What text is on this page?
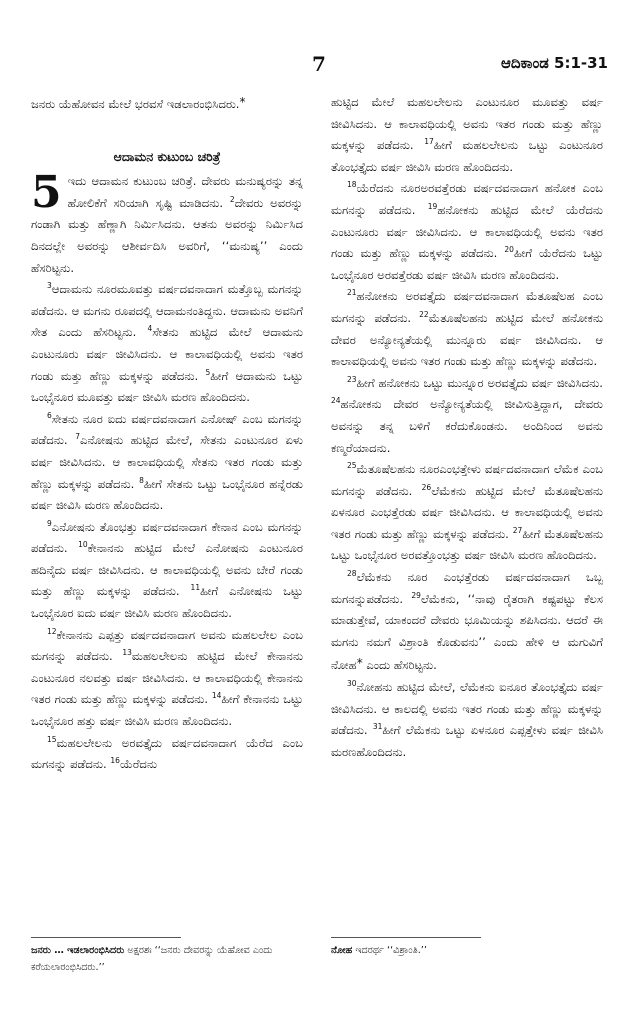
7	ಆದಿಕಾಂಡ 5:1-31

ಜನರು ಯೆಹೋವನ ಮೇಲೆ ಭರವಸೆ ಇಡಲಾರಂಭಿಸಿದರು.*

ಆದಾಮನ ಕುಟುಂಬ ಚರಿತ್ರೆ

5 ಇದು ಆದಾಮನ ಕುಟುಂಬ ಚರಿತ್ರೆ. ದೇವರು ಮನುಷ್ಯರನ್ನು ತನ್ನ ಹೋಲಿಕೆಗೆ ಸರಿಯಾಗಿ ಸೃಷ್ಟಿ ಮಾಡಿದನು. $^2$ದೇವರು ಅವರನ್ನು ಗಂಡಾಗಿ ಮತ್ತು ಹೆಣ್ಣಾಗಿ ನಿರ್ಮಿಸಿದನು. ಆತನು ಅವರನ್ನು ನಿರ್ಮಿಸಿದ ದಿನದಲ್ಲೇ ಅವರನ್ನು ಆಶೀರ್ವದಿಸಿ ಅವರಿಗೆ, ‘‘ಮನುಷ್ಯ’’ ಎಂದು ಹೆಸರಿಟ್ಟನು.

$^3$ಆದಾಮನು ನೂರಮೂವತ್ತು ವರ್ಷದವನಾದಾಗ ಮತ್ತೊಬ್ಬ ಮಗನನ್ನು ಪಡೆದನು. ಆ ಮಗನು ರೂಪದಲ್ಲಿ ಆದಾಮನಂತಿದ್ದನು. ಆದಾಮನು ಅವನಿಗೆ ಸೇತ ಎಂದು ಹೆಸರಿಟ್ಟನು. $^4$ಸೇತನು ಹುಟ್ಟಿದ ಮೇಲೆ ಆದಾಮನು ಎಂಟುನೂರು ವರ್ಷ ಜೀವಿಸಿದನು. ಆ ಕಾಲಾವಧಿಯಲ್ಲಿ ಅವನು ಇತರ ಗಂಡು ಮತ್ತು ಹೆಣ್ಣು ಮಕ್ಕಳನ್ನು ಪಡೆದನು. $^5$ಹೀಗೆ ಆದಾಮನು ಒಟ್ಟು ಒಂಭೈನೂರ ಮೂವತ್ತು ವರ್ಷ ಜೀವಿಸಿ ಮರಣ ಹೊಂದಿದನು.

$^6$ಸೇತನು ನೂರ ಐದು ವರ್ಷದವನಾದಾಗ ಎನೋಷ್ ಎಂಬ ಮಗನನ್ನು ಪಡೆದನು. $^7$ಎನೋಷನು ಹುಟ್ಟಿದ ಮೇಲೆ, ಸೇತನು ಎಂಟುನೂರ ಏಳು ವರ್ಷ ಜೀವಿಸಿದನು. ಆ ಕಾಲಾವಧಿಯಲ್ಲಿ ಸೇತನು ಇತರ ಗಂಡು ಮತ್ತು ಹೆಣ್ಣು ಮಕ್ಕಳನ್ನು ಪಡೆದನು. $^8$ಹೀಗೆ ಸೇತನು ಒಟ್ಟು ಒಂಭೈನೂರ ಹನ್ನೆರಡು ವರ್ಷ ಜೀವಿಸಿ ಮರಣ ಹೊಂದಿದನು.

$^9$ಎನೋಷನು ತೊಂಭತ್ತು ವರ್ಷದವನಾದಾಗ ಕೇನಾನ ಎಂಬ ಮಗನನ್ನು ಪಡೆದನು. $^{10}$ಕೇನಾನನು ಹುಟ್ಟಿದ ಮೇಲೆ ಎನೋಷನು ಎಂಟುನೂರ ಹದಿನೈದು ವರ್ಷ ಜೀವಿಸಿದನು. ಆ ಕಾಲಾವಧಿಯಲ್ಲಿ ಅವನು ಬೇರೆ ಗಂಡು ಮತ್ತು ಹೆಣ್ಣು ಮಕ್ಕಳನ್ನು ಪಡೆದನು. $^{11}$ಹೀಗೆ ಎನೋಷನು ಒಟ್ಟು ಒಂಭೈನೂರ ಐದು ವರ್ಷ ಜೀವಿಸಿ ಮರಣ ಹೊಂದಿದನು.

$^{12}$ಕೇನಾನನು ಎಪ್ಪತ್ತು ವರ್ಷದವನಾದಾಗ ಅವನು ಮಹಲಲೇಲ ಎಂಬ ಮಗನನ್ನು ಪಡೆದನು. $^{13}$ಮಹಲಲೇಲನು ಹುಟ್ಟಿದ ಮೇಲೆ ಕೇನಾನನು ಎಂಟುನೂರ ನಲವತ್ತು ವರ್ಷ ಜೀವಿಸಿದನು. ಆ ಕಾಲಾವಧಿಯಲ್ಲಿ ಕೇನಾನನು ಇತರ ಗಂಡು ಮತ್ತು ಹೆಣ್ಣು ಮಕ್ಕಳನ್ನು ಪಡೆದನು. $^{14}$ಹೀಗೆ ಕೇನಾನನು ಒಟ್ಟು ಒಂಭೈನೂರ ಹತ್ತು ವರ್ಷ ಜೀವಿಸಿ ಮರಣ ಹೊಂದಿದನು.

$^{15}$ಮಹಲಲೇಲನು ಅರವತ್ತೈದು ವರ್ಷದವನಾದಾಗ ಯೆರೆದ ಎಂಬ ಮಗನನ್ನು ಪಡೆದನು. $^{16}$ಯೆರೆದನು

ಹುಟ್ಟಿದ ಮೇಲೆ ಮಹಲಲೇಲನು ಎಂಟುನೂರ ಮೂವತ್ತು ವರ್ಷ ಜೀವಿಸಿದನು. ಆ ಕಾಲಾವಧಿಯಲ್ಲಿ ಅವನು ಇತರ ಗಂಡು ಮತ್ತು ಹೆಣ್ಣು ಮಕ್ಕಳನ್ನು ಪಡೆದನು. $^{17}$ಹೀಗೆ ಮಹಲಲೇಲನು ಒಟ್ಟು ಎಂಟುನೂರ ತೊಂಭತ್ತೈದು ವರ್ಷ ಜೀವಿಸಿ ಮರಣ ಹೊಂದಿದನು.

$^{18}$ಯೆರೆದನು ನೂರಅರವತ್ತೆರಡು ವರ್ಷದವನಾದಾಗ ಹನೋಕ ಎಂಬ ಮಗನನ್ನು ಪಡೆದನು. $^{19}$ಹನೋಕನು ಹುಟ್ಟಿದ ಮೇಲೆ ಯೆರೆದನು ಎಂಟುನೂರು ವರ್ಷ ಜೀವಿಸಿದನು. ಆ ಕಾಲಾವಧಿಯಲ್ಲಿ ಅವನು ಇತರ ಗಂಡು ಮತ್ತು ಹೆಣ್ಣು ಮಕ್ಕಳನ್ನು ಪಡೆದನು. $^{20}$ಹೀಗೆ ಯೆರೆದನು ಒಟ್ಟು ಒಂಭೈನೂರ ಅರವತ್ತೆರಡು ವರ್ಷ ಜೀವಿಸಿ ಮರಣ ಹೊಂದಿದನು.

$^{21}$ಹನೋಕನು ಅರವತ್ತೈದು ವರ್ಷದವನಾದಾಗ ಮೆತೂಷೆಲಹ ಎಂಬ ಮಗನನ್ನು ಪಡೆದನು. $^{22}$ಮೆತೂಷೆಲಹನು ಹುಟ್ಟಿದ ಮೇಲೆ ಹನೋಕನು ದೇವರ ಅನ್ಯೋನ್ಯತೆಯಲ್ಲಿ ಮುನ್ನೂರು ವರ್ಷ ಜೀವಿಸಿದನು. ಆ ಕಾಲಾವಧಿಯಲ್ಲಿ ಅವನು ಇತರ ಗಂಡು ಮತ್ತು ಹೆಣ್ಣು ಮಕ್ಕಳನ್ನು ಪಡೆದನು.

$^{23}$ಹೀಗೆ ಹನೋಕನು ಒಟ್ಟು ಮುನ್ನೂರ ಅರವತ್ತೈದು ವರ್ಷ ಜೀವಿಸಿದನು. $^{24}$ಹನೋಕನು ದೇವರ ಅನ್ಯೋನ್ಯತೆಯಲ್ಲಿ ಜೀವಿಸುತ್ತಿದ್ದಾಗ, ದೇವರು ಅವನನ್ನು ತನ್ನ ಬಳಿಗೆ ಕರೆದುಕೊಂಡನು. ಅಂದಿನಿಂದ ಅವನು ಕಣ್ಮರೆಯಾದನು.

$^{25}$ಮೆತೂಷೆಲಹನು ನೂರಎಂಭತ್ತೇಳು ವರ್ಷದವನಾದಾಗ ಲೆಮೆಕ ಎಂಬ ಮಗನನ್ನು ಪಡೆದನು. $^{26}$ಲೆಮೆಕನು ಹುಟ್ಟಿದ ಮೇಲೆ ಮೆತೂಷೆಲಹನು ಏಳನೂರ ಎಂಭತ್ತೆರಡು ವರ್ಷ ಜೀವಿಸಿದನು. ಆ ಕಾಲಾವಧಿಯಲ್ಲಿ ಅವನು ಇತರ ಗಂಡು ಮತ್ತು ಹೆಣ್ಣು ಮಕ್ಕಳನ್ನು ಪಡೆದನು. $^{27}$ಹೀಗೆ ಮೆತೂಷೆಲಹನು ಒಟ್ಟು ಒಂಭೈನೂರ ಅರವತ್ತೊಂಭತ್ತು ವರ್ಷ ಜೀವಿಸಿ ಮರಣ ಹೊಂದಿದನು.

$^{28}$ಲೆಮೆಕನು ನೂರ ಎಂಭತ್ತೆರಡು ವರ್ಷದವನಾದಾಗ ಒಬ್ಬ ಮಗನನ್ನುಪಡೆದನು. $^{29}$ಲೆಮೆಕನು, ‘‘ನಾವು ರೈತರಾಗಿ ಕಷ್ಟಪಟ್ಟು ಕೆಲಸ ಮಾಡುತ್ತೇವೆ, ಯಾಕಂದರೆ ದೇವರು ಭೂಮಿಯನ್ನು ಶಪಿಸಿದನು. ಆದರೆ ಈ ಮಗನು ನಮಗೆ ವಿಶ್ರಾಂತಿ ಕೊಡುವನು’’ ಎಂದು ಹೇಳಿ ಆ ಮಗುವಿಗೆ ನೋಹ* ಎಂದು ಹೆಸರಿಟ್ಟನು.

$^{30}$ನೋಹನು ಹುಟ್ಟಿದ ಮೇಲೆ, ಲೆಮೆಕನು ಐನೂರ ತೊಂಭತ್ತೈದು ವರ್ಷ ಜೀವಿಸಿದನು. ಆ ಕಾಲದಲ್ಲಿ ಅವನು ಇತರ ಗಂಡು ಮತ್ತು ಹೆಣ್ಣು ಮಕ್ಕಳನ್ನು ಪಡೆದನು. $^{31}$ಹೀಗೆ ಲೆಮೆಕನು ಒಟ್ಟು ಏಳನೂರ ಎಪ್ಪತ್ತೇಳು ವರ್ಷ ಜೀವಿಸಿ ಮರಣಹೊಂದಿದನು.

ಜನರು … ಇಡಲಾರಂಭಿಸಿದರು ಅಕ್ಷರಶಃ ‘‘ಜನರು ದೇವರನ್ನು ಯೆಹೋವ ಎಂದು ಕರೆಯಲಾರಂಭಿಸಿದರು.’’
ನೋಹ ಇದರರ್ಥ ‘‘ವಿಶ್ರಾಂತಿ.’’
